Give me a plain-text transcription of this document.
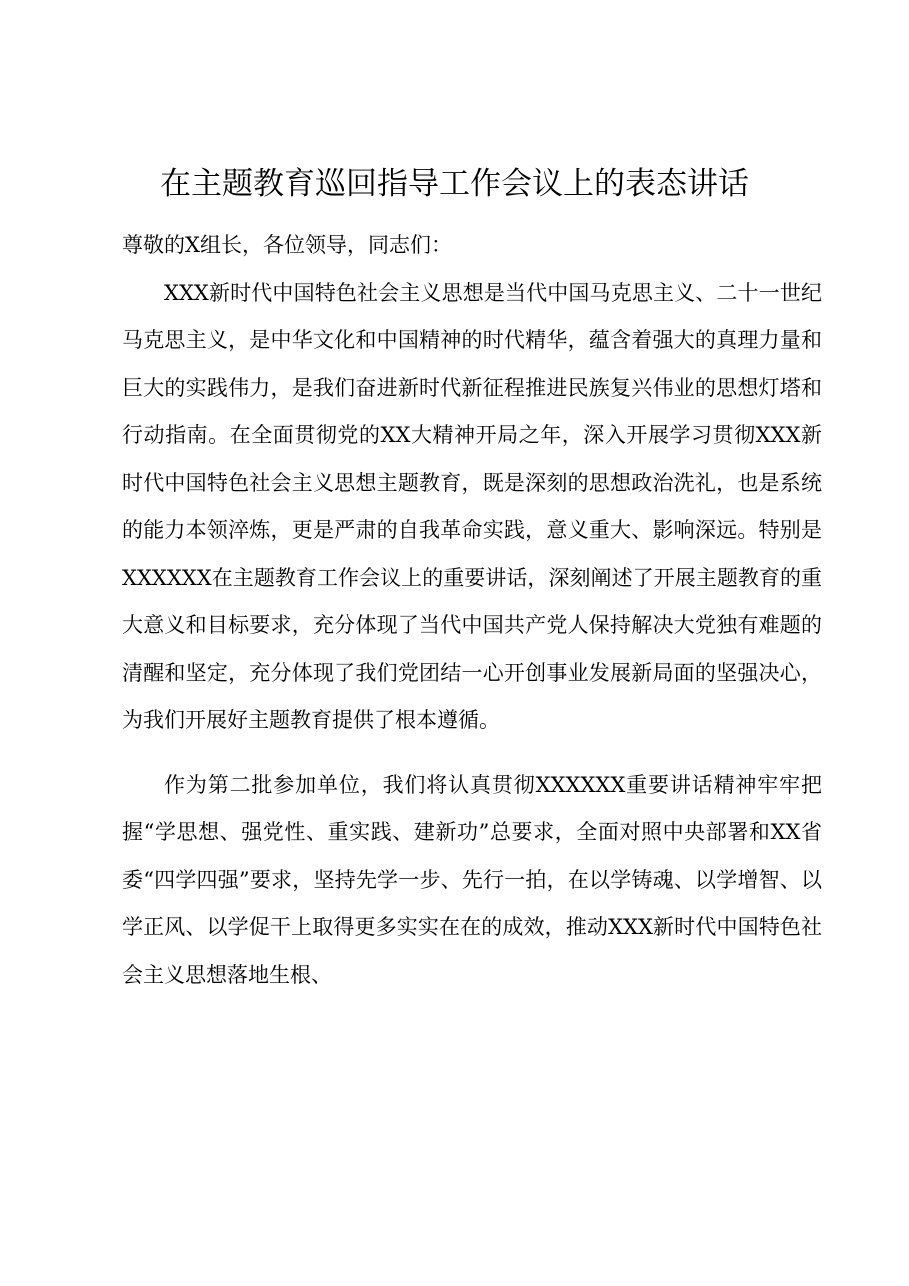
在主题教育巡回指导工作会议上的表态讲话

尊敬的X组长，各位领导，同志们：

XXX新时代中国特色社会主义思想是当代中国马克思主义、二十一世纪马克思主义，是中华文化和中国精神的时代精华，蕴含着强大的真理力量和巨大的实践伟力，是我们奋进新时代新征程推进民族复兴伟业的思想灯塔和行动指南。在全面贯彻党的XX大精神开局之年，深入开展学习贯彻XXX新时代中国特色社会主义思想主题教育，既是深刻的思想政治洗礼，也是系统的能力本领淬炼，更是严肃的自我革命实践，意义重大、影响深远。特别是XXXXXX在主题教育工作会议上的重要讲话，深刻阐述了开展主题教育的重大意义和目标要求，充分体现了当代中国共产党人保持解决大党独有难题的清醒和坚定，充分体现了我们党团结一心开创事业发展新局面的坚强决心，为我们开展好主题教育提供了根本遵循。

作为第二批参加单位，我们将认真贯彻XXXXXX重要讲话精神牢牢把握“学思想、强党性、重实践、建新功”总要求，全面对照中央部署和XX省委“四学四强”要求，坚持先学一步、先行一拍，在以学铸魂、以学增智、以学正风、以学促干上取得更多实实在在的成效，推动XXX新时代中国特色社会主义思想落地生根、
